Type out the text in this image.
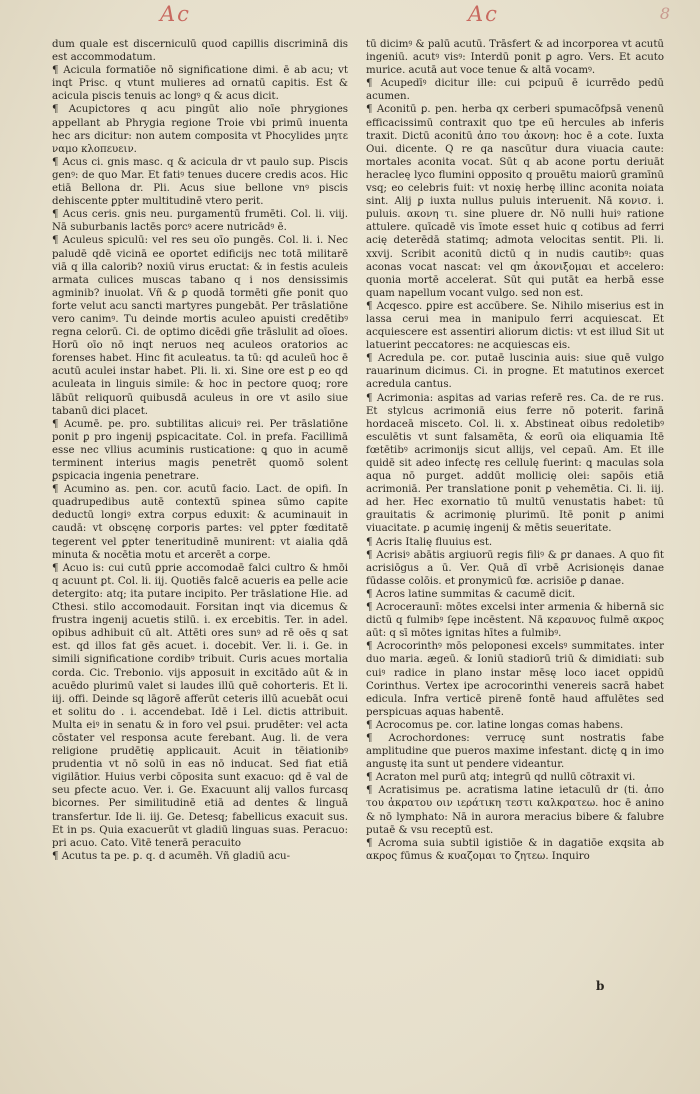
Ac	Ac	8

dum quale est discerniculū quod capillis discriminā dis est accommodatum.

¶ Acicula formatiōe nō significatione dimi. ē ab acu; vt inqt Prisc. q vtunt mulieres ad ornatū capitis. Est & acicula piscis tenuis ac longꝰ q & acus dicit.

¶ Acupictores q acu pingūt alio noīe phrygiones appellant ab Phrygia regione Troie vbi primū inuenta hec ars dicitur: non autem composita vt Phocylides μητε ναμο κλοπευειν.

¶ Acus ci. gnis masc. q & acicula dr vt paulo sup. Piscis genꝰ: de quo Mar. Et fatiꝰ tenues ducere credis acos. Hic etiā Bellona dr. Pli. Acus siue bellone vnꝰ piscis dehiscente ꝑpter multitudinē vtero perit.

¶ Acus ceris. gnis neu. purgamentū frumēti. Col. li. viij. Nā suburbanis lactēs porcꝰ acere nutricādꝰ ē.

¶ Aculeus spiculū: vel res seu oīo pungēs. Col. li. i. Nec paludē qdē vicinā ee oportet edificijs nec totā militarē viā q illa calorib? noxiū virus eructat: & in festis aculeis armata culices muscas tabano q i nos densissimis agminib? inuolat. Vñ & ꝑ quodā tormēti gñe ponit quo forte velut acu sancti martyres pungebāt. Per trāslatiōne vero canimꝰ. Tu deinde mortis aculeo apuisti credētibꝰ regna celorū. Ci. de optimo dicēdi gñe trāslulit ad oīoes. Horū oīo nō inqt neruos neq aculeos oratorios ac forenses habet. Hinc fit aculeatus. ta tū: qd aculeū hoc ē acutū aculei instar habet. Pli. li. xi. Sine ore est ꝑ eo qd aculeata in linguis simile: & hoc in pectore quoq; rore lābūt reliquorū quibusdā aculeus in ore vt asilo siue tabanū dici placet.

¶ Acumē. pe. pro. subtilitas alicuiꝰ rei. Per trāslatiōne ponit ꝑ pro ingenij ꝑspicacitate. Col. in prefa. Facillimā esse nec vllius acuminis rusticatione: ꝗ quo in acumē terminent interius magis penetrēt quomō solent ꝑspicacia ingenia penetrare.

¶ Acumino as. pen. cor. acutū facio. Lact. de opifi. In quadrupedibus autē contextū spinea sūmo capite deductū longiꝰ extra corpus eduxit: & acuminauit in caudā: vt obscęnę corporis partes: vel ꝑpter fœditatē tegerent vel ꝑpter teneritudinē munirent: vt aialia qdā minuta & nocētia motu et arcerēt a corpe.

¶ Acuo is: cui cutū ꝑprie accomodaē falci cultro & hmōi q acuunt ꝑt. Col. li. iij. Quotiēs falcē acueris ea pelle acie detergito: atq; ita putare incipito. Per trāslatione Hie. ad Cthesi. stilo accomodauit. Forsitan inqt via dicemus & frustra ingenij acuetis stilū. i. ex ercebitis. Ter. in adel. opibus adhibuit cū alt. Attēti ores sunꝰ ad rē oēs q sat est. qd illos fat gēs acuet. i. docebit. Ver. li. i. Ge. in simili significatione cordibꝰ tribuit. Curis acues mortalia corda. Cic. Trebonio. vijs apposuit in excitādo aūt & in acuēdo plurimū valet si laudes illū quē cohorteris. Et li. iij. offi. Deinde sq lāgorē afferūt ceteris illū acuebāt ocui et solitu do . i. accendebat. Idē i Lel. dictis attribuit. Multa eiꝰ in senatu & in foro vel ꝑsui. prudēter: vel acta cōstater vel responsa acute ferebant. Aug. li. de vera religione prudētię applicauit. Acuit in tēiationibꝰ prudentia vt nō solū in eas nō inducat. Sed fiat etiā vigilātior. Huius verbi cōposita sunt exacuo: qd ē val de seu ꝑfecte acuo. Ver. i. Ge. Exacuunt alij vallos furcasq bicornes. Per similitudinē etiā ad dentes & linguā transfertur. Ide li. iij. Ge. Detesq; fabellicus exacuit sus. Et in ps. Quia exacuerūt vt gladiū linguas suas. Peracuo: pri acuo. Cato. Vitē tenerā peracuito

¶ Acutus ta pe. ꝑ. q. d acumēh. Vñ gladiū acu-

tū dicimꝰ & palū acutū. Trāsfert & ad incorporea vt acutū ingeniū. acutꝰ visꝰ: Interdū ponit ꝑ agro. Vers. Et acuto murice. acutā aut voce tenue & altā vocamꝰ.

¶ Acupedīꝰ dicitur ille: cui pcipuū ē icurrēdo pedū acumen.

¶ Aconitū ꝑ. pen. herba qx cerberi spumacōfpsā venenū efficacissimū contraxit quo tpe eū hercules ab inferis traxit. Dictū aconitū ἀπο του ἀκονη: hoc ē a cote. Iuxta Oui. dicente. Q re qa nascūtur dura viuacia caute: mortales aconita vocat. Sūt q ab acone portu deriuāt heracleę lyco flumini opposito q prouētu maiorū gramīnū vsq; eo celebris fuit: vt noxię herbę illinc aconita noiata sint. Alij ꝑ iuxta nullus puluis interuenit. Nā κονισ. i. puluis. ακονη τι. sine pluere dr. Nō nulli huiꝰ ratione attulere. quīcadē vis īmote esset huic q cotibus ad ferri acię deterēdā statimq; admota velocitas sentit. Pli. li. xxvij. Scribit aconitū dictū q in nudis cautibꝰ: quas aconas vocat nascat: vel qm ἀκονιξομαι et accelero: quonia mortē accelerat. Sūt qui putāt ea herbā esse quam napellum vocant vulgo. sed non est.

¶ Acqesco. ꝑpire est accūbere. Se. Nihilo miserius est in lassa cerui mea in manipulo ferri acquiescat. Et acquiescere est assentiri aliorum dictis: vt est illud Sit ut latuerint peccatores: ne acquiescas eis.

¶ Acredula pe. cor. putaē luscinia auis: siue quē vulgo rauarinum dicimus. Ci. in progne. Et matutinos exercet acredula cantus.

¶ Acrimonia: asꝑitas ad varias referē res. Ca. de re rus. Et stylcus acrimoniā eius ferre nō poterit. farinā hordaceā misceto. Col. li. x. Abstineat oibus redoletibꝰ esculētis vt sunt falsamēta, & eorū oia eliquamia Itē fœtētibꝰ acrimonijs sicut allijs, vel cepaū. Am. Et ille quidē sit adeo infectę res cellulę fuerint: ꝗ maculas sola aqua nō purget. addūt mollicię olei: sapōis etiā acrimoniā. Per translatione ponit ꝑ vehemētia. Ci. li. iij. ad her. Hec exornatio tū multū venustatis habet: tū grauitatis & acrimonię plurimū. Itē ponit ꝑ animi viuacitate. ꝑ acumię ingenij & mētis seueritate.

¶ Acris Italię fluuius est.

¶ Acrisiꝰ abātis argiuorū regis filiꝰ & ꝑr danaes. A quo fit acrisiōgus a ū. Ver. Quā dī vrbē Acrisionęis danae fūdasse colōis. et ꝑronymicū fœ. acrisiōe ꝑ danae.

¶ Acros latine summitas & cacumē dicit.

¶ Acroceraunī: mōtes excelsi inter armenia & hibernā sic dictū q fulmibꝰ ſępe incēstent. Nā κεραυνος fulmē ακρος aūt: q sī mōtes ignitas hītes a fulmibꝰ.

¶ Acrocorinthꝰ mōs peloponesi excelsꝰ summitates. inter duo maria. ægeū. & Ioniū stadiorū triū & dimidiati: sub cuiꝰ radice in plano instar mēsę loco iacet oppidū Corinthus. Vertex ipe acrocorinthi venereis sacrā habet edicula. Infra verticē pirenē fontē haud affulētes sed perspicuas aquas habentē.

¶ Acrocomus pe. cor. latine longas comas habens.

¶ Acrochordones: verrucę sunt nostratis fabe amplitudine que pueros maxime infestant. dictę ꝗ in imo angustę ita sunt ut pendere videantur.

¶ Acraton mel purū atq; integrū qd nullū cōtraxit vi.

¶ Acratisimus pe. acratisma latine ietaculū dr (ti. ἀπο του ἀκρατου οιν ιεράτικη τεστι καλκρατεω. hoc ē anino & nō lymphato: Nā in aurora meracius bibere & falubre putaē & vsu receptū est.

¶ Acroma suia subtil igistiōe & in dagatiōe exqsita ab ακρος fūmus & κυαζομαι το ζητεω. Inquiro

b
